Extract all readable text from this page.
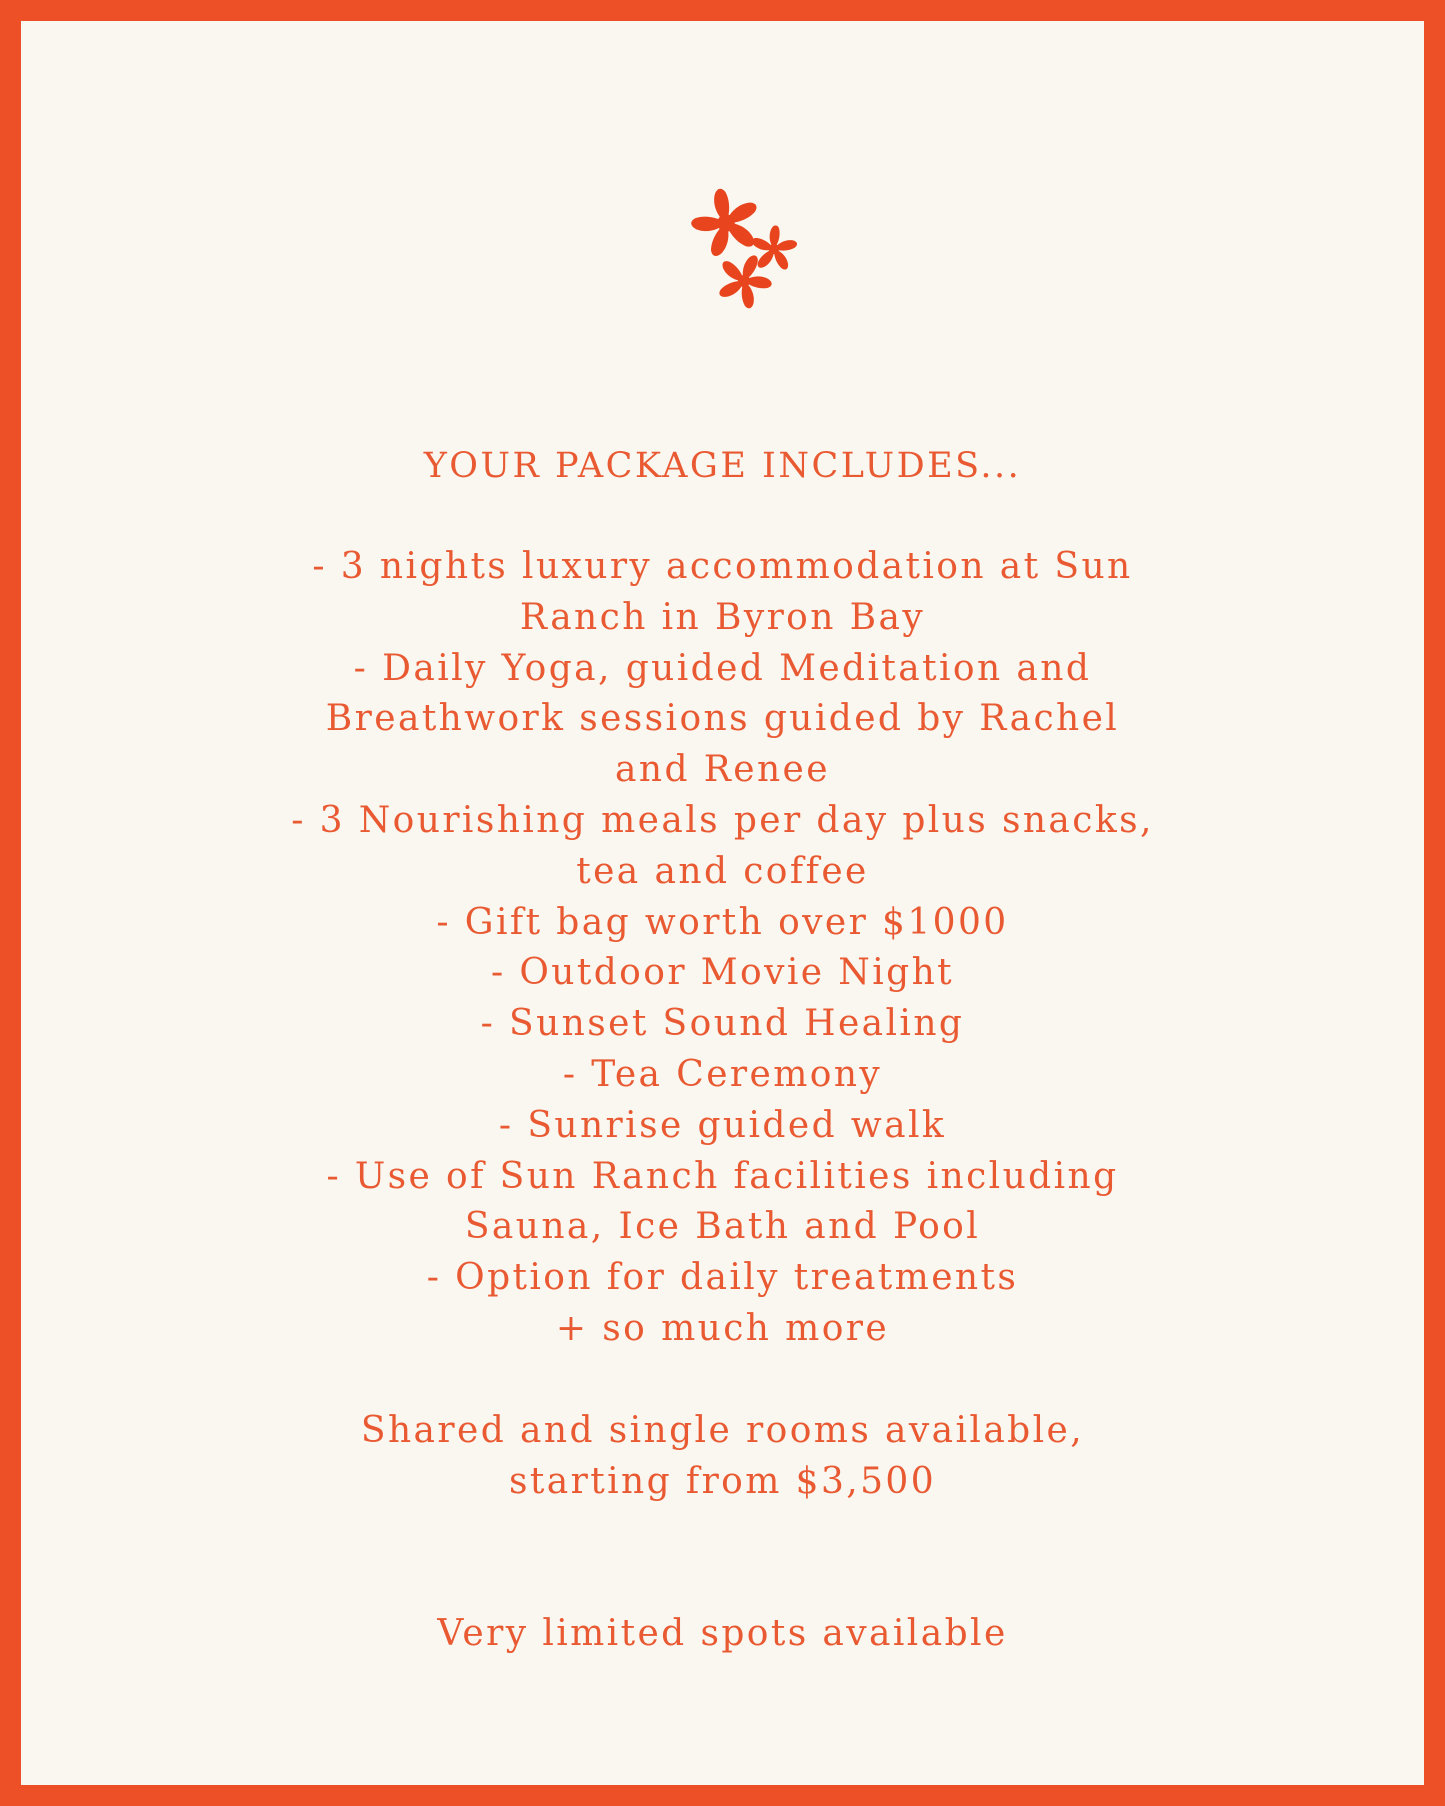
YOUR PACKAGE INCLUDES...
- 3 nights luxury accommodation at Sun
Ranch in Byron Bay
- Daily Yoga, guided Meditation and
Breathwork sessions guided by Rachel
and Renee
- 3 Nourishing meals per day plus snacks,
tea and coffee
- Gift bag worth over $1000
- Outdoor Movie Night
- Sunset Sound Healing
- Tea Ceremony
- Sunrise guided walk
- Use of Sun Ranch facilities including
Sauna, Ice Bath and Pool
- Option for daily treatments
+ so much more
Shared and single rooms available,
starting from $3,500
Very limited spots available
